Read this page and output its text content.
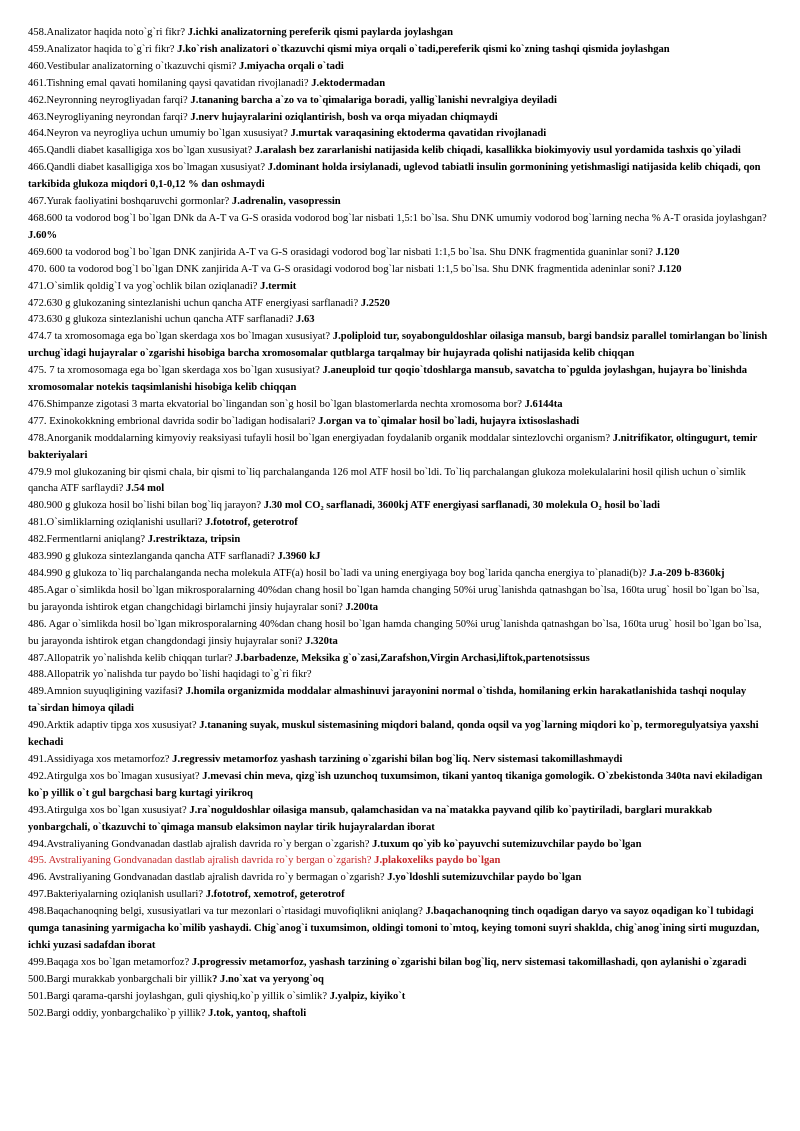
458.Analizator haqida noto`g`ri fikr? J.ichki analizatorning pereferik qismi paylarda joylashgan

459.Analizator haqida to`g`ri fikr? J.ko`rish analizatori o`tkazuvchi qismi miya orqali o`tadi,pereferik qismi ko`zning tashqi qismida joylashgan

460.Vestibular analizatorning o`tkazuvchi qismi? J.miyacha orqali o`tadi

461.Tishning emal qavati homilaning qaysi qavatidan rivojlanadi? J.ektodermadan

462.Neyronning neyrogliyadan farqi? J.tananing barcha a`zo va to`qimalariga boradi, yallig`lanishi nevralgiya deyiladi

463.Neyrogliyaning neyrondan farqi? J.nerv hujayralarini oziqlantirish, bosh va orqa miyadan chiqmaydi

464.Neyron va neyrogliya uchun umumiy bo`lgan xususiyat? J.murtak varaqasining ektoderma qavatidan rivojlanadi

465.Qandli diabet kasalligiga xos bo`lgan xususiyat? J.aralash bez zararlanishi natijasida kelib chiqadi, kasallikka biokimyoviy usul yordamida tashxis qo`yiladi

466.Qandli diabet kasalligiga xos bo`lmagan xususiyat? J.dominant holda irsiylanadi, uglevod tabiatli insulin gormonining yetishmasligi natijasida kelib chiqadi, qon tarkibida glukoza miqdori 0,1-0,12 % dan oshmaydi

467.Yurak faoliyatini boshqaruvchi gormonlar? J.adrenalin, vasopressin

468.600 ta vodorod bog`l bo`lgan DNk da A-T va G-S orasida vodorod bog`lar nisbati 1,5:1 bo`lsa. Shu DNK umumiy vodorod bog`larning necha % A-T orasida joylashgan? J.60%

469.600 ta vodorod bog`l bo`lgan DNK zanjirida A-T va G-S orasidagi vodorod bog`lar nisbati 1:1,5 bo`lsa. Shu DNK fragmentida guaninlar soni? J.120

470. 600 ta vodorod bog`l bo`lgan DNK zanjirida A-T va G-S orasidagi vodorod bog`lar nisbati 1:1,5 bo`lsa. Shu DNK fragmentida adeninlar soni? J.120

471.O`simlik qoldig`I va yog`ochlik bilan oziqlanadi? J.termit

472.630 g glukozaning sintezlanishi uchun qancha ATF energiyasi sarflanadi? J.2520

473.630 g glukoza sintezlanishi uchun qancha ATF sarflanadi? J.63

474.7 ta xromosomaga ega bo`lgan skerdaga xos bo`lmagan xususiyat? J.poliploid tur, soyabonguldoshlar oilasiga mansub, bargi bandsiz parallel tomirlangan bo`linish urchug`idagi hujayralar o`zgarishi hisobiga barcha xromosomalar qutblarga tarqalmay bir hujayrada qolishi natijasida kelib chiqqan

475. 7 ta xromosomaga ega bo`lgan skerdaga xos bo`lgan xususiyat? J.aneuploid tur qoqio`tdoshlarga mansub, savatcha to`pgulda joylashgan, hujayra bo`linishda xromosomalar notekis taqsimlanishi hisobiga kelib chiqqan

476.Shimpanze zigotasi 3 marta ekvatorial bo`lingandan son`g hosil bo`lgan blastomerlarda nechta xromosoma bor? J.6144ta

477. Exinokokkning embrional davrida sodir bo`ladigan hodisalari? J.organ va to`qimalar hosil bo`ladi, hujayra ixtisoslashadi

478.Anorganik moddalarning kimyoviy reaksiyasi tufayli hosil bo`lgan energiyadan foydalanib organik moddalar sintezlovchi organism? J.nitrifikator, oltingugurt, temir bakteriyalari

479.9 mol glukozaning bir qismi chala, bir qismi to`liq parchalanganda 126 mol ATF hosil bo`ldi. To`liq parchalangan glukoza molekulalarini hosil qilish uchun o`simlik qancha ATF sarflaydi? J.54 mol

480.900 g glukoza hosil bo`lishi bilan bog`liq jarayon? J.30 mol CO₂ sarflanadi, 3600kj ATF energiyasi sarflanadi, 30 molekula O₂ hosil bo`ladi

481.O`simliklarning oziqlanishi usullari? J.fototrof, geterotrof

482.Fermentlarni aniqlang? J.restriktaza, tripsin

483.990 g glukoza sintezlanganda qancha ATF sarflanadi? J.3960 kJ

484.990 g glukoza to`liq parchalanganda necha molekula ATF(a) hosil bo`ladi va uning energiyaga boy bog`larida qancha energiya to`planadi(b)? J.a-209 b-8360kj

485.Agar o`simlikda hosil bo`lgan mikrosporalarning 40%dan chang hosil bo`lgan hamda changing 50%i urug`lanishda qatnashgan bo`lsa, 160ta urug` hosil bo`lgan bo`lsa, bu jarayonda ishtirok etgan changchidagi birlamchi jinsiy hujayralar soni? J.200ta

486. Agar o`simlikda hosil bo`lgan mikrosporalarning 40%dan chang hosil bo`lgan hamda changing 50%i urug`lanishda qatnashgan bo`lsa, 160ta urug` hosil bo`lgan bo`lsa, bu jarayonda ishtirok etgan changdondagi jinsiy hujayralar soni? J.320ta

487.Allopatrik yo`nalishda kelib chiqqan turlar? J.barbadenze, Meksika g`o`zasi,Zarafshon,Virgin Archasi,liftok,partenotsissus

488.Allopatrik yo`nalishda tur paydo bo`lishi haqidagi to`g`ri fikr?

489.Amnion suyuqligining vazifasi? J.homila organizmida moddalar almashinuvi jarayonini normal o`tishda, homilaning erkin harakatlanishida tashqi noqulay ta`sirdan himoya qiladi

490.Arktik adaptiv tipga xos xususiyat? J.tananing suyak, muskul sistemasining miqdori baland, qonda oqsil va yog`larning miqdori ko`p, termoregulyatsiya yaxshi kechadi

491.Assidiyaga xos metamorfoz? J.regressiv metamorfoz yashash tarzining o`zgarishi bilan bog`liq. Nerv sistemasi takomillashmaydi

492.Atirgulga xos bo`lmagan xususiyat? J.mevasi chin meva, qizg`ish uzunchoq tuxumsimon, tikani yantoq tikaniga gomologik. O`zbekistonda 340ta navi ekiladigan ko`p yillik o`t gul bargchasi barg kurtagi yirikroq

493.Atirgulga xos bo`lgan xususiyat? J.ra`noguldoshlar oilasiga mansub, qalamchasidan va na`matakka payvand qilib ko`paytiriladi, barglari murakkab yonbargchali, o`tkazuvchi to`qimaga mansub elaksimon naylar tirik hujayralardan iborat

494.Avstraliyaning Gondvanadan dastlab ajralish davrida ro`y bergan o`zgarish? J.tuxum qo`yib ko`payuvchi sutemizuvchilar paydo bo`lgan

495. Avstraliyaning Gondvanadan dastlab ajralish davrida ro`y bergan o`zgarish? J.plakoxeliks paydo bo`lgan

496. Avstraliyaning Gondvanadan dastlab ajralish davrida ro`y bermagan o`zgarish? J.yo`ldoshli sutemizuvchilar paydo bo`lgan

497.Bakteriyalarning oziqlanish usullari? J.fototrof, xemotrof, geterotrof

498.Baqachanoqning belgi, xususiyatlari va tur mezonlari o`rtasidagi muvofiqlikni aniqlang? J.baqachanoqning tinch oqadigan daryo va sayoz oqadigan ko`l tubidagi qumga tanasining yarmigacha ko`milib yashaydi. Chig`anog`i tuxumsimon, oldingi tomoni to`mtoq, keying tomoni suyri shaklda, chig`anog`ining sirti muguzdan, ichki yuzasi sadafdan iborat

499.Baqaga xos bo`lgan metamorfoz? J.progressiv metamorfoz, yashash tarzining o`zgarishi bilan bog`liq, nerv sistemasi takomillashadi, qon aylanishi o`zgaradi

500.Bargi murakkab yonbargchali bir yillik? J.no`xat va yeryong`oq

501.Bargi qarama-qarshi joylashgan, guli qiyshiq,ko`p yillik o`simlik? J.yalpiz, kiyiko`t

502.Bargi oddiy, yonbargchaliko`p yillik? J.tok, yantoq, shaftoli
